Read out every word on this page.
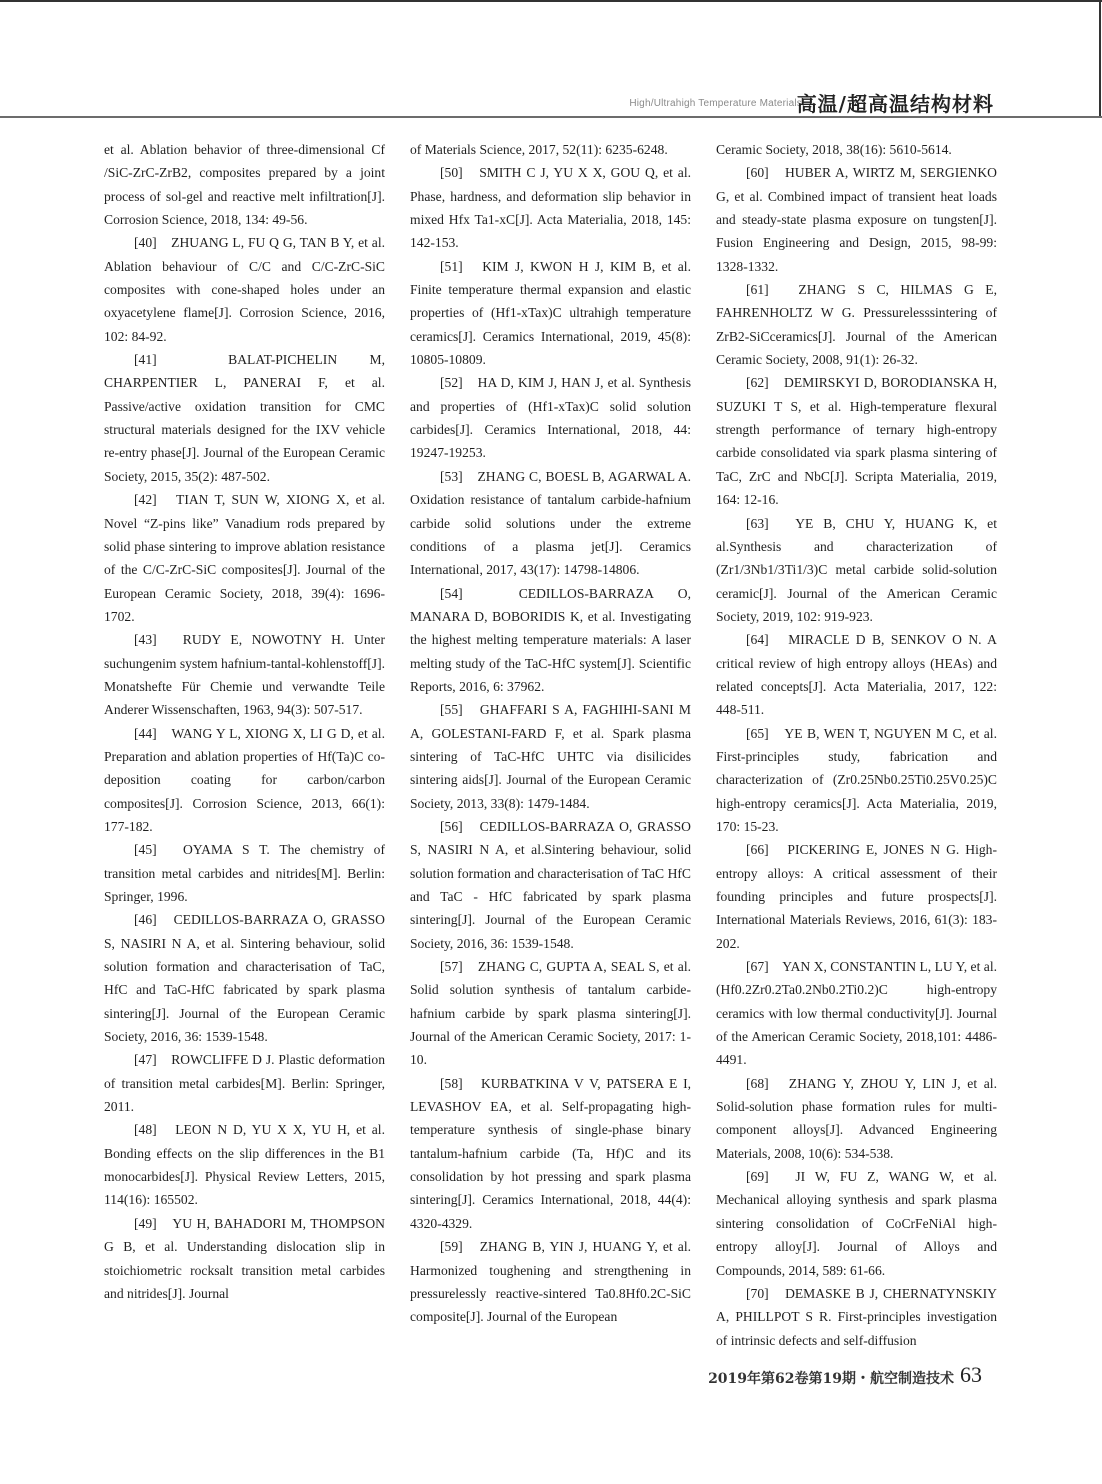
High/Ultrahigh Temperature Materials
高温/超高温结构材料

et al. Ablation behavior of three-dimensional Cf /SiC-ZrC-ZrB2, composites prepared by a joint process of sol-gel and reactive melt infiltration[J]. Corrosion Science, 2018, 134: 49-56.

[40]　ZHUANG L, FU Q G, TAN B Y, et al. Ablation behaviour of C/C and C/C-ZrC-SiC composites with cone-shaped holes under an oxyacetylene flame[J]. Corrosion Science, 2016, 102: 84-92.

[41]　BALAT-PICHELIN M, CHARPENTIER L, PANERAI F, et al. Passive/active oxidation transition for CMC structural materials designed for the IXV vehicle re-entry phase[J]. Journal of the European Ceramic Society, 2015, 35(2): 487-502.

[42]　TIAN T, SUN W, XIONG X, et al. Novel “Z-pins like” Vanadium rods prepared by solid phase sintering to improve ablation resistance of the C/C-ZrC-SiC composites[J]. Journal of the European Ceramic Society, 2018, 39(4): 1696-1702.

[43]　RUDY E, NOWOTNY H. Unter suchungenim system hafnium-tantal-kohlenstoff[J]. Monatshefte Für Chemie und verwandte Teile Anderer Wissenschaften, 1963, 94(3): 507-517.

[44]　WANG Y L, XIONG X, LI G D, et al. Preparation and ablation properties of Hf(Ta)C co-deposition coating for carbon/carbon composites[J]. Corrosion Science, 2013, 66(1): 177-182.

[45]　OYAMA S T. The chemistry of transition metal carbides and nitrides[M]. Berlin: Springer, 1996.

[46]　CEDILLOS-BARRAZA O, GRASSO S, NASIRI N A, et al. Sintering behaviour, solid solution formation and characterisation of TaC, HfC and TaC-HfC fabricated by spark plasma sintering[J]. Journal of the European Ceramic Society, 2016, 36: 1539-1548.

[47]　ROWCLIFFE D J. Plastic deformation of transition metal carbides[M]. Berlin: Springer, 2011.

[48]　LEON N D, YU X X, YU H, et al. Bonding effects on the slip differences in the B1 monocarbides[J]. Physical Review Letters, 2015, 114(16): 165502.

[49]　YU H, BAHADORI M, THOMPSON G B, et al. Understanding dislocation slip in stoichiometric rocksalt transition metal carbides and nitrides[J]. Journal

of Materials Science, 2017, 52(11): 6235-6248.

[50]　SMITH C J, YU X X, GOU Q, et al. Phase, hardness, and deformation slip behavior in mixed Hfx Ta1-xC[J]. Acta Materialia, 2018, 145: 142-153.

[51]　KIM J, KWON H J, KIM B, et al. Finite temperature thermal expansion and elastic properties of (Hf1-xTax)C ultrahigh temperature ceramics[J]. Ceramics International, 2019, 45(8): 10805-10809.

[52]　HA D, KIM J, HAN J, et al. Synthesis and properties of (Hf1-xTax)C solid solution carbides[J]. Ceramics International, 2018, 44: 19247-19253.

[53]　ZHANG C, BOESL B, AGARWAL A. Oxidation resistance of tantalum carbide-hafnium carbide solid solutions under the extreme conditions of a plasma jet[J]. Ceramics International, 2017, 43(17): 14798-14806.

[54]　CEDILLOS-BARRAZA O, MANARA D, BOBORIDIS K, et al. Investigating the highest melting temperature materials: A laser melting study of the TaC-HfC system[J]. Scientific Reports, 2016, 6: 37962.

[55]　GHAFFARI S A, FAGHIHI-SANI M A, GOLESTANI-FARD F, et al. Spark plasma sintering of TaC-HfC UHTC via disilicides sintering aids[J]. Journal of the European Ceramic Society, 2013, 33(8): 1479-1484.

[56]　CEDILLOS-BARRAZA O, GRASSO S, NASIRI N A, et al.Sintering behaviour, solid solution formation and characterisation of TaC HfC and TaC - HfC fabricated by spark plasma sintering[J]. Journal of the European Ceramic Society, 2016, 36: 1539-1548.

[57]　ZHANG C, GUPTA A, SEAL S, et al. Solid solution synthesis of tantalum carbide-hafnium carbide by spark plasma sintering[J]. Journal of the American Ceramic Society, 2017: 1-10.

[58]　KURBATKINA V V, PATSERA E I, LEVASHOV EA, et al. Self-propagating high-temperature synthesis of single-phase binary tantalum-hafnium carbide (Ta, Hf)C and its consolidation by hot pressing and spark plasma sintering[J]. Ceramics International, 2018, 44(4): 4320-4329.

[59]　ZHANG B, YIN J, HUANG Y, et al. Harmonized toughening and strengthening in pressurelessly reactive-sintered Ta0.8Hf0.2C-SiC composite[J]. Journal of the European

Ceramic Society, 2018, 38(16): 5610-5614.

[60]　HUBER A, WIRTZ M, SERGIENKO G, et al. Combined impact of transient heat loads and steady-state plasma exposure on tungsten[J]. Fusion Engineering and Design, 2015, 98-99: 1328-1332.

[61]　ZHANG S C, HILMAS G E, FAHRENHOLTZ W G. Pressurelesssintering of ZrB2-SiCceramics[J]. Journal of the American Ceramic Society, 2008, 91(1): 26-32.

[62]　DEMIRSKYI D, BORODIANSKA H, SUZUKI T S, et al. High-temperature flexural strength performance of ternary high-entropy carbide consolidated via spark plasma sintering of TaC, ZrC and NbC[J]. Scripta Materialia, 2019, 164: 12-16.

[63]　YE B, CHU Y, HUANG K, et al.Synthesis and characterization of (Zr1/3Nb1/3Ti1/3)C metal carbide solid-solution ceramic[J]. Journal of the American Ceramic Society, 2019, 102: 919-923.

[64]　MIRACLE D B, SENKOV O N. A critical review of high entropy alloys (HEAs) and related concepts[J]. Acta Materialia, 2017, 122: 448-511.

[65]　YE B, WEN T, NGUYEN M C, et al. First-principles study, fabrication and characterization of (Zr0.25Nb0.25Ti0.25V0.25)C high-entropy ceramics[J]. Acta Materialia, 2019, 170: 15-23.

[66]　PICKERING E, JONES N G. High-entropy alloys: A critical assessment of their founding principles and future prospects[J]. International Materials Reviews, 2016, 61(3): 183-202.

[67]　YAN X, CONSTANTIN L, LU Y, et al. (Hf0.2Zr0.2Ta0.2Nb0.2Ti0.2)C high-entropy ceramics with low thermal conductivity[J]. Journal of the American Ceramic Society, 2018,101: 4486-4491.

[68]　ZHANG Y, ZHOU Y, LIN J, et al. Solid-solution phase formation rules for multi-component alloys[J]. Advanced Engineering Materials, 2008, 10(6): 534-538.

[69]　JI W, FU Z, WANG W, et al. Mechanical alloying synthesis and spark plasma sintering consolidation of CoCrFeNiAl high-entropy alloy[J]. Journal of Alloys and Compounds, 2014, 589: 61-66.

[70]　DEMASKE B J, CHERNATYNSKIY A, PHILLPOT S R. First-principles investigation of intrinsic defects and self-diffusion

2019年第62卷第19期・航空制造技术 63
